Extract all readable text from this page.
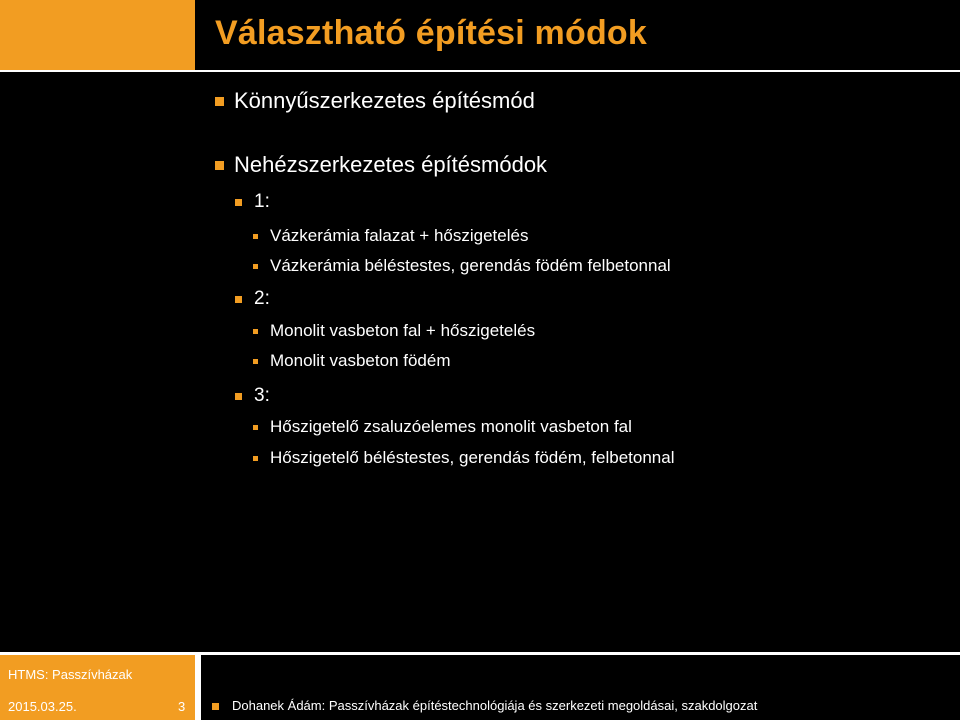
Választható építési módok
Könnyűszerkezetes építésmód
Nehézszerkezetes építésmódok
1:
Vázkerámia falazat + hőszigetelés
Vázkerámia béléstestes, gerendás födém felbetonnal
2:
Monolit vasbeton fal + hőszigetelés
Monolit vasbeton födém
3:
Hőszigetelő zsaluzóelemes monolit vasbeton fal
Hőszigetelő béléstestes, gerendás födém, felbetonnal
HTMS: Passzívházak
2015.03.25.	3	Dohanek Ádám: Passzívházak építéstechnológiája és szerkezeti megoldásai, szakdolgozat
